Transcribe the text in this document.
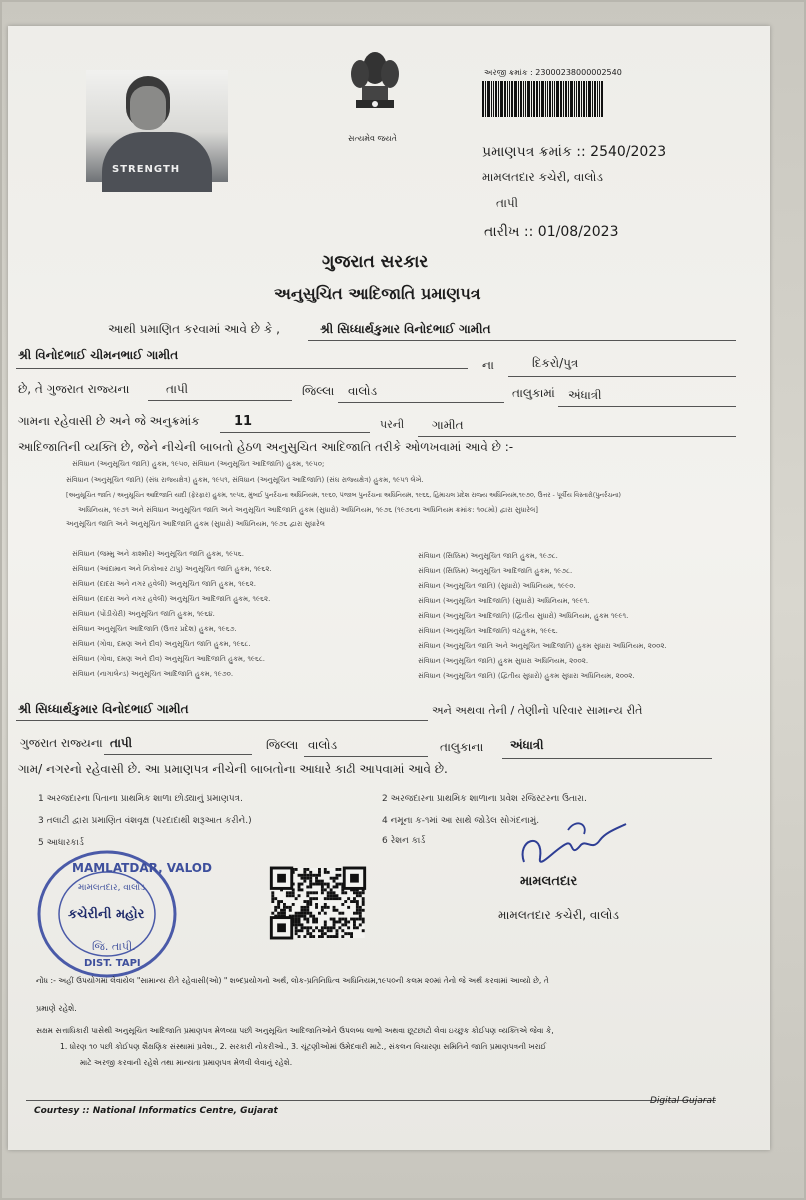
STRENGTH
સત્યમેવ જયતે
અરજી ક્રમાંક : 23000238000002540
પ્રમાણપત્ર ક્રમાંક :: 2540/2023
મામલતદાર કચેરી, વાલોડ
તાપી
તારીખ :: 01/08/2023
ગુજરાત સરકાર
અનુસુચિત આદિજાતિ પ્રમાણપત્ર
આથી પ્રમાણિત કરવામાં આવે છે કે ,	શ્રી સિધ્ધાર્થકુમાર વિનોદભાઈ ગામીત
શ્રી વિનોદભાઈ ચીમનભાઈ ગામીત
ના	દિકરો/પુત્ર
છે, તે ગુજરાત રાજ્યના	તાપી	જિલ્લા વાલોડ	તાલુકામાં અંધાત્રી
ગામના રહેવાસી છે અને જે અનુક્રમાંક	11	પરની ગામીત
આદિજાતિની વ્યક્તિ છે, જેને નીચેની બાબતો હેઠળ અનુસુચિત આદિજાતિ તરીકે ઓળખવામાં આવે છે :-
સંવિધાન (અનુસૂચિત જાતિ) હુકમ, ૧૯૫૦, સંવિધાન (અનુસૂચિત આદિજાતિ) હુકમ, ૧૯૫૦;
સંવિધાન (અનુસૂચિત જાતિ) (સંઘ રાજ્યક્ષેત્ર) હુકમ, ૧૯૫૧, સંવિધાન (અનુસૂચિત આદિજાતિ) (સંઘ રાજ્યક્ષેત્ર) હુકમ, ૧૯૫૧ લેખે.
[અનુસૂચિત જાતિ / અનુસૂચિત આદિજાતિ યાદી (ફેરફાર) હુકમ, ૧૯૫૬, મુંબઈ પુનર્રચના અધિનિયમ, ૧૯૬૦, પંજાબ પુનર્રચના અધિનિયમ, ૧૯૬૬, હિમાચલ પ્રદેશ રાજ્ય અધિનિયમ,૧૯૭૦, ઉત્તર - પૂર્વીય વિસ્તારો(પુનર્રચના)
અધિનિયમ, ૧૯૭૧ અને સંવિધાન અનુસૂચિત જાતિ અને અનુસૂચિત આદિજાતિ હુકમ (સુધારો) અધિનિયમ, ૧૯૭૬ (૧૯૭૬ના અધિનિયમ ક્રમાંક: ૧૦૮મો) દ્વારા સુધારેલ]
અનુસૂચિત જાતિ અને અનુસૂચિત આદિજાતિ હુકમ (સુધારો) અધિનિયમ, ૧૯૭૬ દ્વારા સુધારેલ
સંવિધાન (જમ્મુ અને કાશ્મીર) અનુસૂચિત જાતિ હુકમ, ૧૯૫૬.
સંવિધાન (આંદામાન અને નિકોબાર ટાપુ) અનુસૂચિત જાતિ હુકમ, ૧૯૬૨.
સંવિધાન (દાદરા અને નગર હવેલી) અનુસૂચિત જાતિ હુકમ, ૧૯૬૨.
સંવિધાન (દાદરા અને નગર હવેલી) અનુસૂચિત આદિજાતિ હુકમ, ૧૯૬૨.
સંવિધાન (પોંડીચેરી) અનુસૂચિત જાતિ હુકમ, ૧૯૬૪.
સંવિધાન અનુસૂચિત આદિજાતિ (ઉત્તર પ્રદેશ) હુકમ, ૧૯૬૭.
સંવિધાન (ગોવા, દમણ અને દીવ) અનુસૂચિત જાતિ હુકમ, ૧૯૬૮.
સંવિધાન (ગોવા, દમણ અને દીવ) અનુસૂચિત આદિજાતિ હુકમ, ૧૯૬૮.
સંવિધાન (નાગાલેન્ડ) અનુસૂચિત આદિજાતિ હુકમ, ૧૯૭૦.
સંવિધાન (સિક્કિમ) અનુસૂચિત જાતિ હુકમ, ૧૯૭૮.
સંવિધાન (સિક્કિમ) અનુસૂચિત આદિજાતિ હુકમ, ૧૯૭૮.
સંવિધાન (અનુસૂચિત જાતિ) (સુધારો) અધિનિયમ, ૧૯૯૦.
સંવિધાન (અનુસૂચિત આદિજાતિ) (સુધારો) અધિનિયમ, ૧૯૯૧.
સંવિધાન (અનુસૂચિત આદિજાતિ) (દ્વિતીય સુધારો) અધિનિયમ, હુકમ ૧૯૯૧.
સંવિધાન (અનુસૂચિત આદિજાતિ) વટહુકમ, ૧૯૯૬.
સંવિધાન (અનુસૂચિત જાતિ અને અનુસૂચિત આદિજાતિ) હુકમ સુધારા અધિનિયમ, ૨૦૦૨.
સંવિધાન (અનુસૂચિત જાતિ) હુકમ સુધારા અધિનિયમ, ૨૦૦૨.
સંવિધાન (અનુસૂચિત જાતિ) (દ્વિતીય સુધારો) હુકમ સુધારા અધિનિયમ, ૨૦૦૨.
શ્રી સિધ્ધાર્થકુમાર વિનોદભાઈ ગામીત	અને અથવા તેની / તેણીનો પરિવાર સામાન્ય રીતે
ગુજરાત રાજ્યના તાપી	જિલ્લા વાલોડ	તાલુકાના અંધાત્રી
ગામ/ નગરનો રહેવાસી છે. આ પ્રમાણપત્ર નીચેની બાબતોના આધારે કાઢી આપવામાં આવે છે.
1 અરજદારના પિતાના પ્રાથમિક શાળા છોડ્યાનું પ્રમાણપત્ર.
3 તલાટી દ્વારા પ્રમાણિત વંશવૃક્ષ (પરદાદાથી શરૂઆત કરીને.)
5 આધારકાર્ડ
2 અરજદારના પ્રાથમિક શાળાના પ્રવેશ રજિસ્ટરના ઉતારા.
4 નમૂના ક-૧માં આ સાથે જોડેલ સોગંદનામું.
6 રેશન કાર્ડ
MAMLATDAR, VALOD
મામલતદાર, વાલોડ
કચેરીની મહોર
જિ. તાપી.
DIST. TAPI
મામલતદાર
મામલતદાર કચેરી, વાલોડ
નોંધ :- અહીં ઉપયોગમાં લેવાયેલ "સામાન્ય રીતે રહેવાસી(ઓ) " શબ્દપ્રયોગનો અર્થ, લોક-પ્રતિનિધિત્વ અધિનિયમ,૧૯૫૦ની કલમ ૨૦માં તેનો જે અર્થ કરવામાં આવ્યો છે, તે
પ્રમાણે રહેશે.
સક્ષમ સત્તાધિકારી પાસેથી અનુસૂચિત આદિજાતિ પ્રમાણપત્ર મેળવ્યા પછી અનુસૂચિત આદિજાતિઓને ઉપલબ્ધ લાભો અથવા છૂટછાટો લેવા ઇચ્છુક કોઈપણ વ્યક્તિએ જેવા કે,
1. ધોરણ ૧૦ પછી કોઈપણ શૈક્ષણિક સંસ્થામાં પ્રવેશ., 2. સરકારી નોકરીઓ., 3. ચૂંટણીઓમાં ઉમેદવારી માટે., સંકલન વિચારણા સમિતિને જાતિ પ્રમાણપત્રની ખરાઈ
માટે અરજી કરવાની રહેશે તથા માન્યતા પ્રમાણપત્ર મેળવી લેવાનું રહેશે.
Courtesy :: National Informatics Centre, Gujarat
Digital Gujarat
